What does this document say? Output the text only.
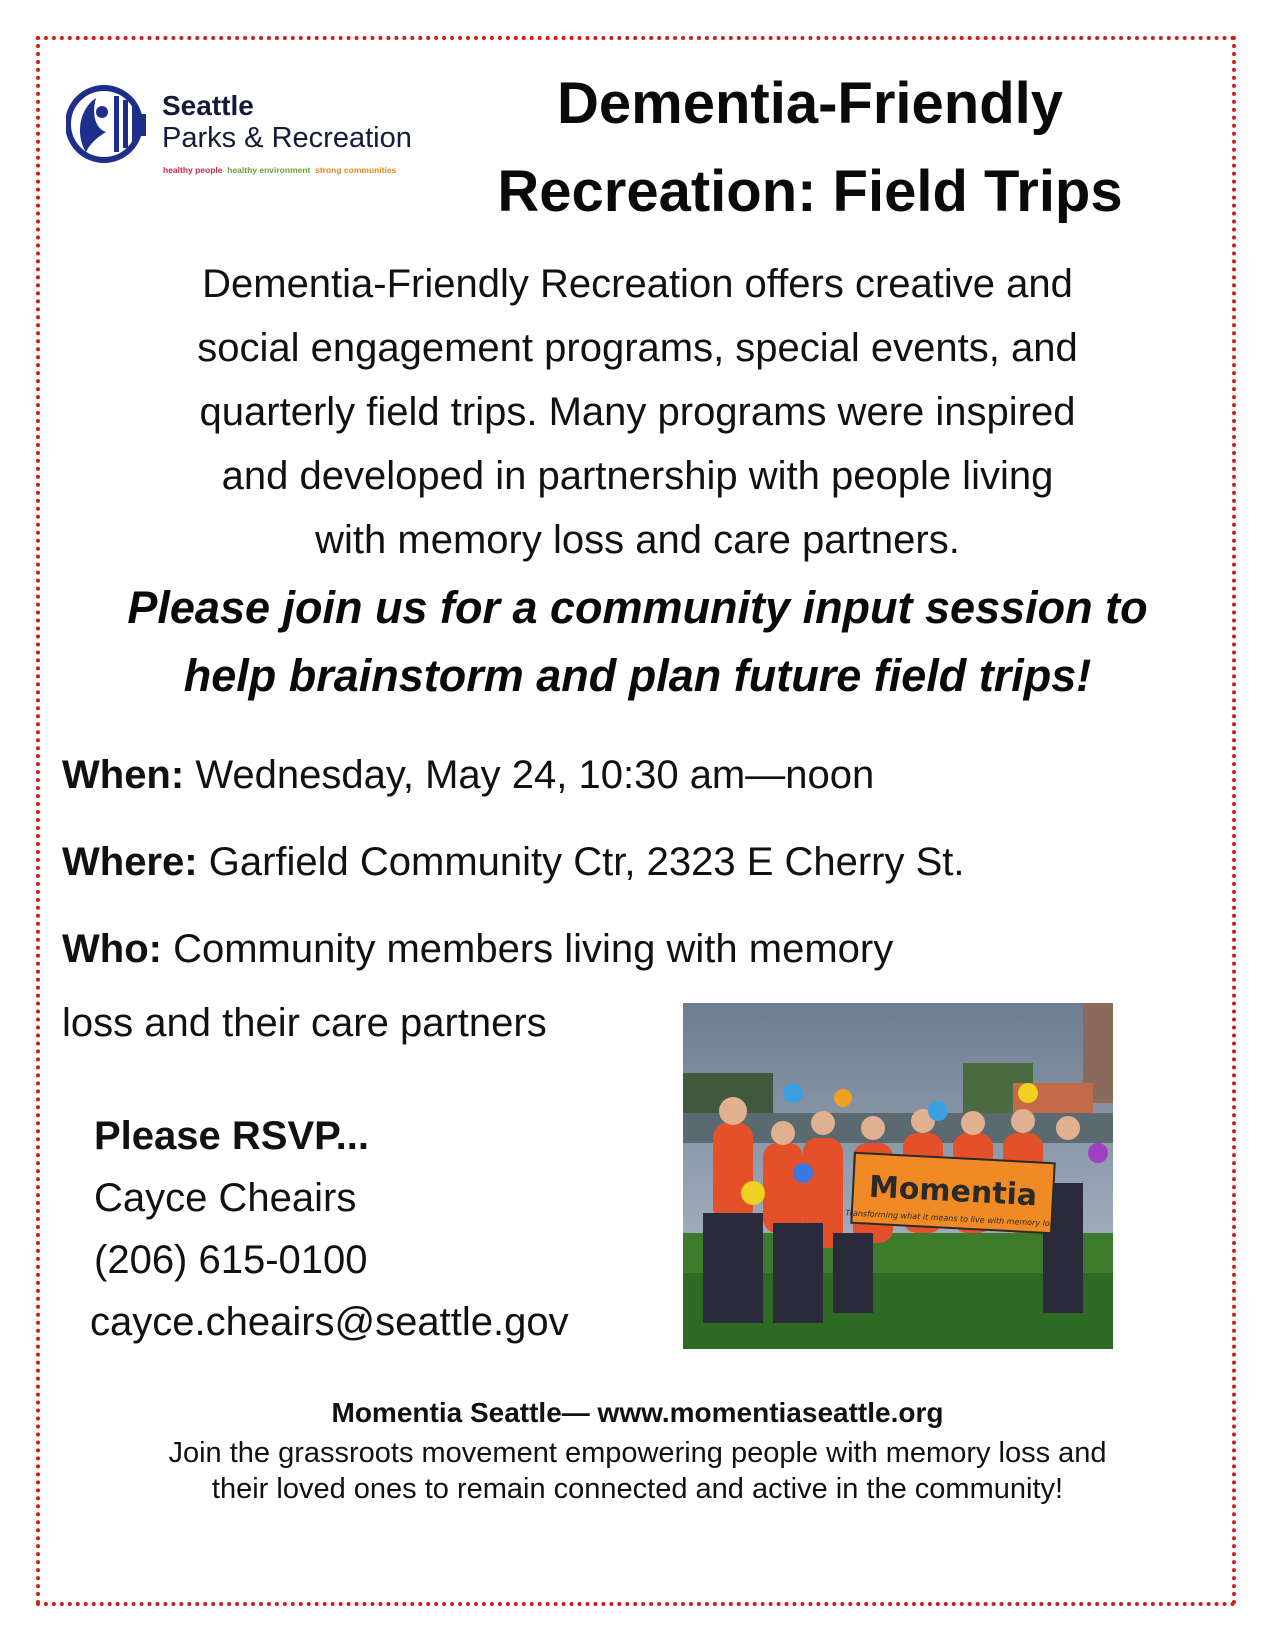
Seattle
Parks & Recreation
healthy people healthy environment strong communities
Dementia-Friendly
Recreation: Field Trips
Dementia-Friendly Recreation offers creative and
social engagement programs, special events, and
quarterly field trips. Many programs were inspired
and developed in partnership with people living
with memory loss and care partners.
Please join us for a community input session to
help brainstorm and plan future field trips!
When: Wednesday, May 24, 10:30 am—noon
Where: Garfield Community Ctr, 2323 E Cherry St.
Who: Community members living with memory
loss and their care partners
Please RSVP...
Cayce Cheairs
(206) 615-0100
cayce.cheairs@seattle.gov
Momentia
Transforming what it means to live with memory loss
Momentia Seattle— www.momentiaseattle.org
Join the grassroots movement empowering people with memory loss and
their loved ones to remain connected and active in the community!
